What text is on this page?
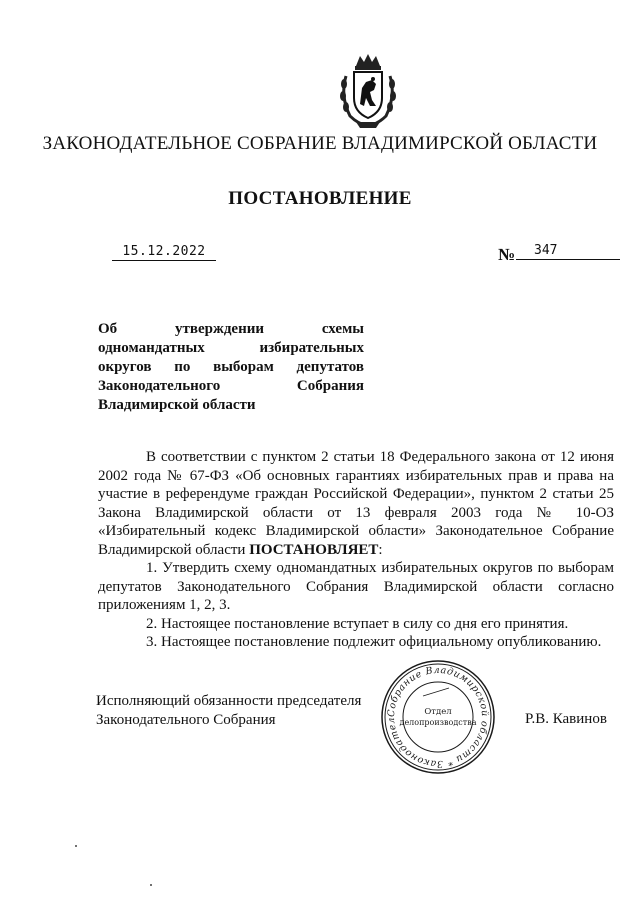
ЗАКОНОДАТЕЛЬНОЕ СОБРАНИЕ ВЛАДИМИРСКОЙ ОБЛАСТИ
ПОСТАНОВЛЕНИЕ
15.12.2022	№	347
Об утверждении схемы одномандатных избирательных округов по выборам депутатов Законодательного Собрания Владимирской области

В соответствии с пунктом 2 статьи 18 Федерального закона от 12 июня 2002 года № 67-ФЗ «Об основных гарантиях избирательных прав и права на участие в референдуме граждан Российской Федерации», пунктом 2 статьи 25 Закона Владимирской области от 13 февраля 2003 года № 10-ОЗ «Избирательный кодекс Владимирской области» Законодательное Собрание Владимирской области ПОСТАНОВЛЯЕТ:

1. Утвердить схему одномандатных избирательных округов по выборам депутатов Законодательного Собрания Владимирской области согласно приложениям 1, 2, 3.

2. Настоящее постановление вступает в силу со дня его принятия.

3. Настоящее постановление подлежит официальному опубликованию.

Исполняющий обязанности председателя
Законодательного Собрания	Собрание Владимирской области * Законодател
Отдел
делопроизводства	Р.В. Кавинов
